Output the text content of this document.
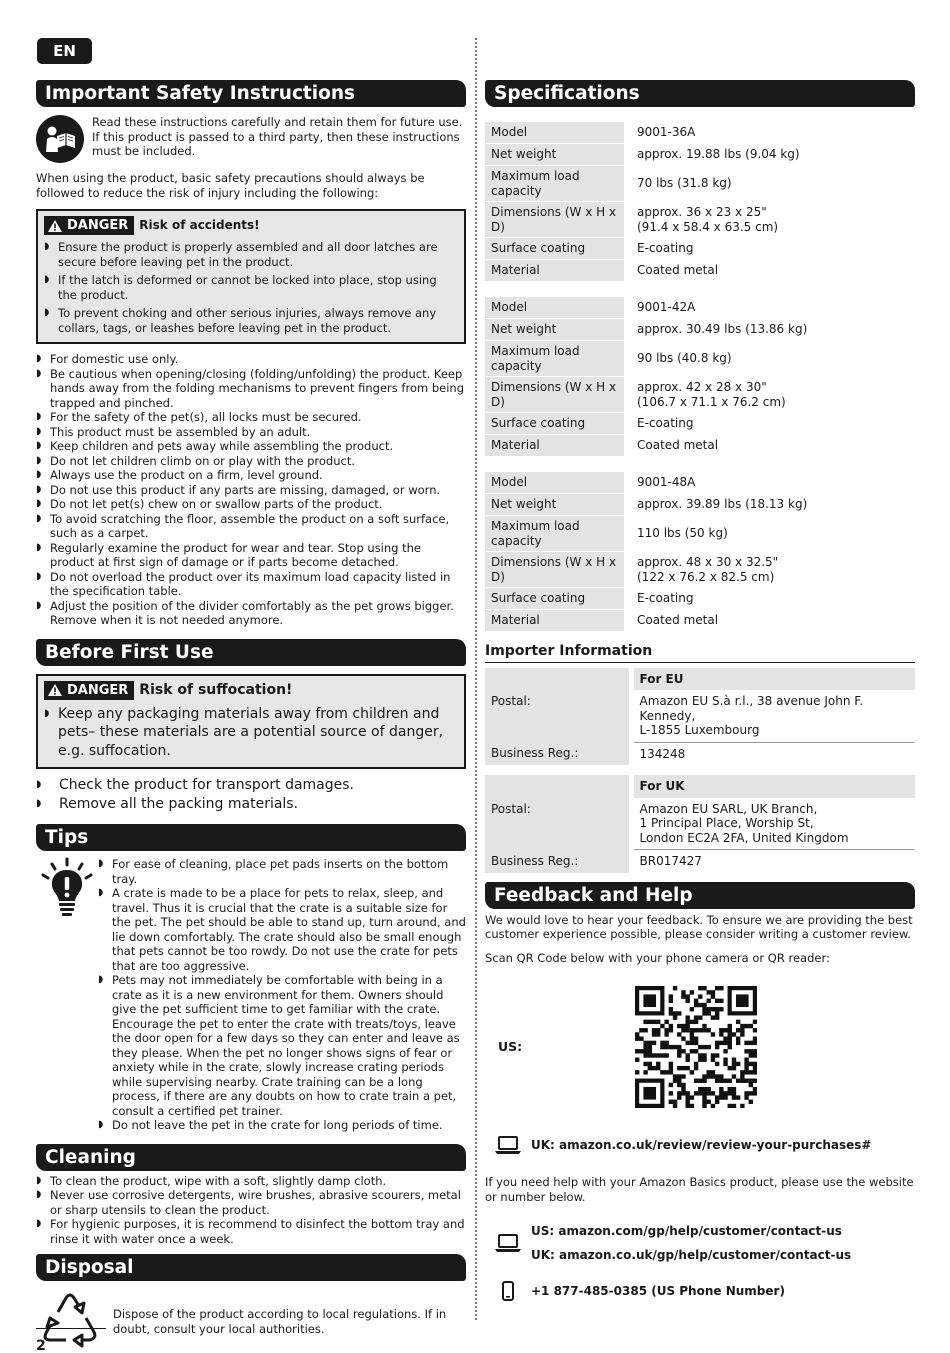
EN
Important Safety Instructions
Read these instructions carefully and retain them for future use. If this product is passed to a third party, then these instructions must be included.
When using the product, basic safety precautions should always be followed to reduce the risk of injury including the following:
DANGER Risk of accidents!
◗ Ensure the product is properly assembled and all door latches are secure before leaving pet in the product.
◗ If the latch is deformed or cannot be locked into place, stop using the product.
◗ To prevent choking and other serious injuries, always remove any collars, tags, or leashes before leaving pet in the product.
◗ For domestic use only.
◗ Be cautious when opening/closing (folding/unfolding) the product. Keep hands away from the folding mechanisms to prevent fingers from being trapped and pinched.
◗ For the safety of the pet(s), all locks must be secured.
◗ This product must be assembled by an adult.
◗ Keep children and pets away while assembling the product.
◗ Do not let children climb on or play with the product.
◗ Always use the product on a firm, level ground.
◗ Do not use this product if any parts are missing, damaged, or worn.
◗ Do not let pet(s) chew on or swallow parts of the product.
◗ To avoid scratching the floor, assemble the product on a soft surface, such as a carpet.
◗ Regularly examine the product for wear and tear. Stop using the product at first sign of damage or if parts become detached.
◗ Do not overload the product over its maximum load capacity listed in the specification table.
◗ Adjust the position of the divider comfortably as the pet grows bigger. Remove when it is not needed anymore.
Before First Use
DANGER Risk of suffocation!
◗ Keep any packaging materials away from children and pets– these materials are a potential source of danger, e.g. suffocation.
◗ Check the product for transport damages.
◗ Remove all the packing materials.
Tips
◗ For ease of cleaning, place pet pads inserts on the bottom tray.
◗ A crate is made to be a place for pets to relax, sleep, and travel. Thus it is crucial that the crate is a suitable size for the pet. The pet should be able to stand up, turn around, and lie down comfortably. The crate should also be small enough that pets cannot be too rowdy. Do not use the crate for pets that are too aggressive.
◗ Pets may not immediately be comfortable with being in a crate as it is a new environment for them. Owners should give the pet sufficient time to get familiar with the crate. Encourage the pet to enter the crate with treats/toys, leave the door open for a few days so they can enter and leave as they please. When the pet no longer shows signs of fear or anxiety while in the crate, slowly increase crating periods while supervising nearby. Crate training can be a long process, if there are any doubts on how to crate train a pet, consult a certified pet trainer.
◗ Do not leave the pet in the crate for long periods of time.
Cleaning
◗ To clean the product, wipe with a soft, slightly damp cloth.
◗ Never use corrosive detergents, wire brushes, abrasive scourers, metal or sharp utensils to clean the product.
◗ For hygienic purposes, it is recommend to disinfect the bottom tray and rinse it with water once a week.
Disposal
Dispose of the product according to local regulations. If in doubt, consult your local authorities.
2
Specifications
Model	9001-36A
Net weight	approx. 19.88 lbs (9.04 kg)
Maximum load capacity	70 lbs (31.8 kg)
Dimensions (W x H x D)	approx. 36 x 23 x 25"
(91.4 x 58.4 x 63.5 cm)

Surface coating	E-coating
Material	Coated metal
Model	9001-42A
Net weight	approx. 30.49 lbs (13.86 kg)
Maximum load capacity	90 lbs (40.8 kg)
Dimensions (W x H x D)	approx. 42 x 28 x 30"
(106.7 x 71.1 x 76.2 cm)

Surface coating	E-coating
Material	Coated metal
Model	9001-48A
Net weight	approx. 39.89 lbs (18.13 kg)
Maximum load capacity	110 lbs (50 kg)
Dimensions (W x H x D)	approx. 48 x 30 x 32.5"
(122 x 76.2 x 82.5 cm)

Surface coating	E-coating
Material	Coated metal
Importer Information
	For EU
Postal:	Amazon EU S.à r.l., 38 avenue John F. Kennedy,
L-1855 Luxembourg

Business Reg.:	134248

	For UK
Postal:	Amazon EU SARL, UK Branch,
1 Principal Place, Worship St,
London EC2A 2FA, United Kingdom

Business Reg.:	BR017427
Feedback and Help
We would love to hear your feedback. To ensure we are providing the best customer experience possible, please consider writing a customer review.
Scan QR Code below with your phone camera or QR reader:
US:
UK: amazon.co.uk/review/review-your-purchases#
If you need help with your Amazon Basics product, please use the website or number below.
US: amazon.com/gp/help/customer/contact-us
UK: amazon.co.uk/gp/help/customer/contact-us
+1 877-485-0385 (US Phone Number)
